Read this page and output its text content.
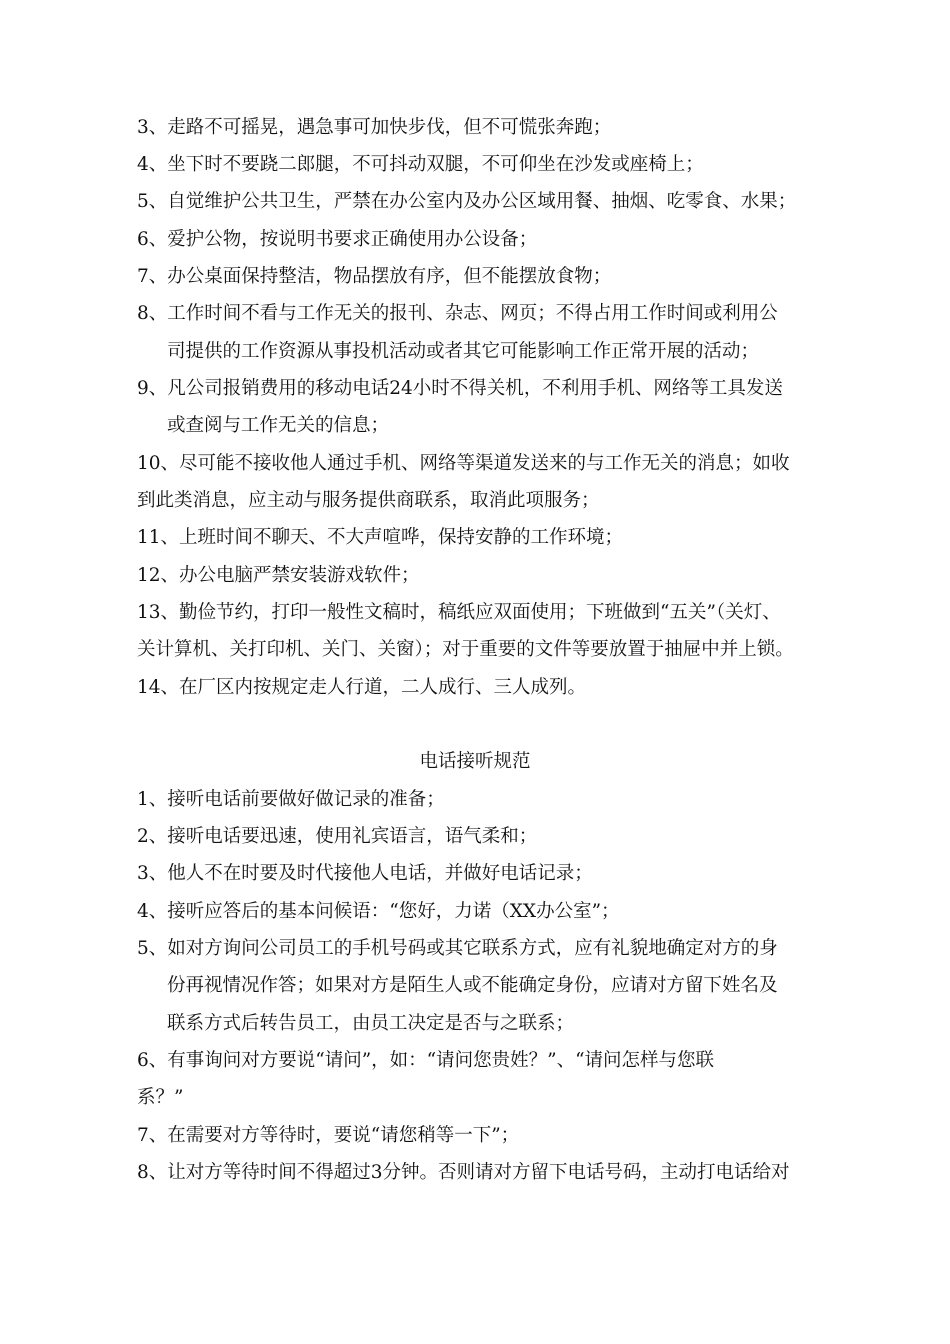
3、走路不可摇晃，遇急事可加快步伐，但不可慌张奔跑；
4、坐下时不要跷二郎腿，不可抖动双腿，不可仰坐在沙发或座椅上；
5、自觉维护公共卫生，严禁在办公室内及办公区域用餐、抽烟、吃零食、水果；
6、爱护公物，按说明书要求正确使用办公设备；
7、办公桌面保持整洁，物品摆放有序，但不能摆放食物；
8、工作时间不看与工作无关的报刊、杂志、网页；不得占用工作时间或利用公
司提供的工作资源从事投机活动或者其它可能影响工作正常开展的活动；
9、凡公司报销费用的移动电话24小时不得关机，不利用手机、网络等工具发送
或查阅与工作无关的信息；
10、尽可能不接收他人通过手机、网络等渠道发送来的与工作无关的消息；如收
到此类消息，应主动与服务提供商联系，取消此项服务；
11、上班时间不聊天、不大声喧哗，保持安静的工作环境；
12、办公电脑严禁安装游戏软件；
13、勤俭节约，打印一般性文稿时，稿纸应双面使用；下班做到“五关”（关灯、
关计算机、关打印机、关门、关窗）；对于重要的文件等要放置于抽屉中并上锁。
14、在厂区内按规定走人行道，二人成行、三人成列。
电话接听规范
1、接听电话前要做好做记录的准备；
2、接听电话要迅速，使用礼宾语言，语气柔和；
3、他人不在时要及时代接他人电话，并做好电话记录；
4、接听应答后的基本问候语：“您好，力诺（XX办公室”；
5、如对方询问公司员工的手机号码或其它联系方式，应有礼貌地确定对方的身
份再视情况作答；如果对方是陌生人或不能确定身份，应请对方留下姓名及
联系方式后转告员工，由员工决定是否与之联系；
6、有事询问对方要说“请问”，如：“请问您贵姓？”、“请问怎样与您联
系？”
7、在需要对方等待时，要说“请您稍等一下”；
8、让对方等待时间不得超过3分钟。否则请对方留下电话号码，主动打电话给对
